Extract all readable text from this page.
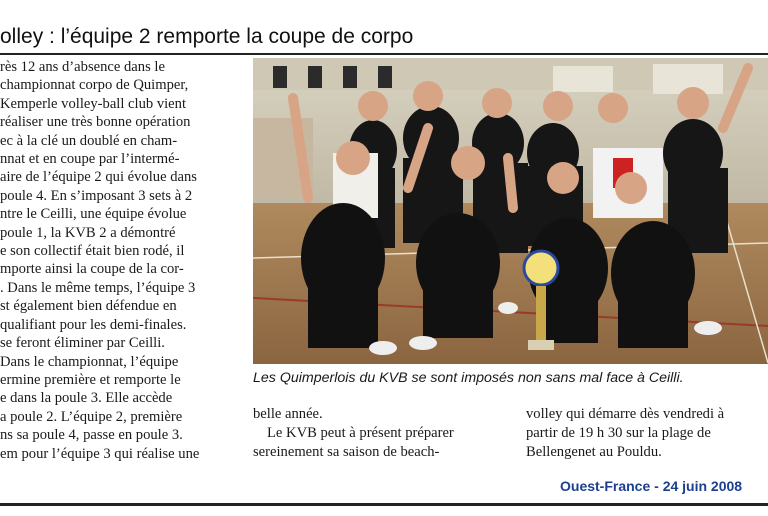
olley : l’équipe 2 remporte la coupe de corpo
rès 12 ans d’absence dans le
championnat corpo de Quimper,
Kemperle volley-ball club vient
réaliser une très bonne opération
ec à la clé un doublé en cham-
nnat et en coupe par l’intermé-
aire de l’équipe 2 qui évolue dans
poule 4. En s’imposant 3 sets à 2
ntre le Ceilli, une équipe évolue
poule 1, la KVB 2 a démontré
e son collectif était bien rodé, il
mporte ainsi la coupe de la cor-
. Dans le même temps, l’équipe 3
st également bien défendue en
qualifiant pour les demi-finales.
se feront éliminer par Ceilli.
Dans le championnat, l’équipe
ermine première et remporte le
e dans la poule 3. Elle accède
a poule 2. L’équipe 2, première
ns sa poule 4, passe en poule 3.
em pour l’équipe 3 qui réalise une
Les Quimperlois du KVB se sont imposés non sans mal face à Ceilli.
belle année.
Le KVB peut à présent préparer
sereinement sa saison de beach-
volley qui démarre dès vendredi à
partir de 19 h 30 sur la plage de
Bellengenet au Pouldu.
Ouest-France - 24 juin 2008
